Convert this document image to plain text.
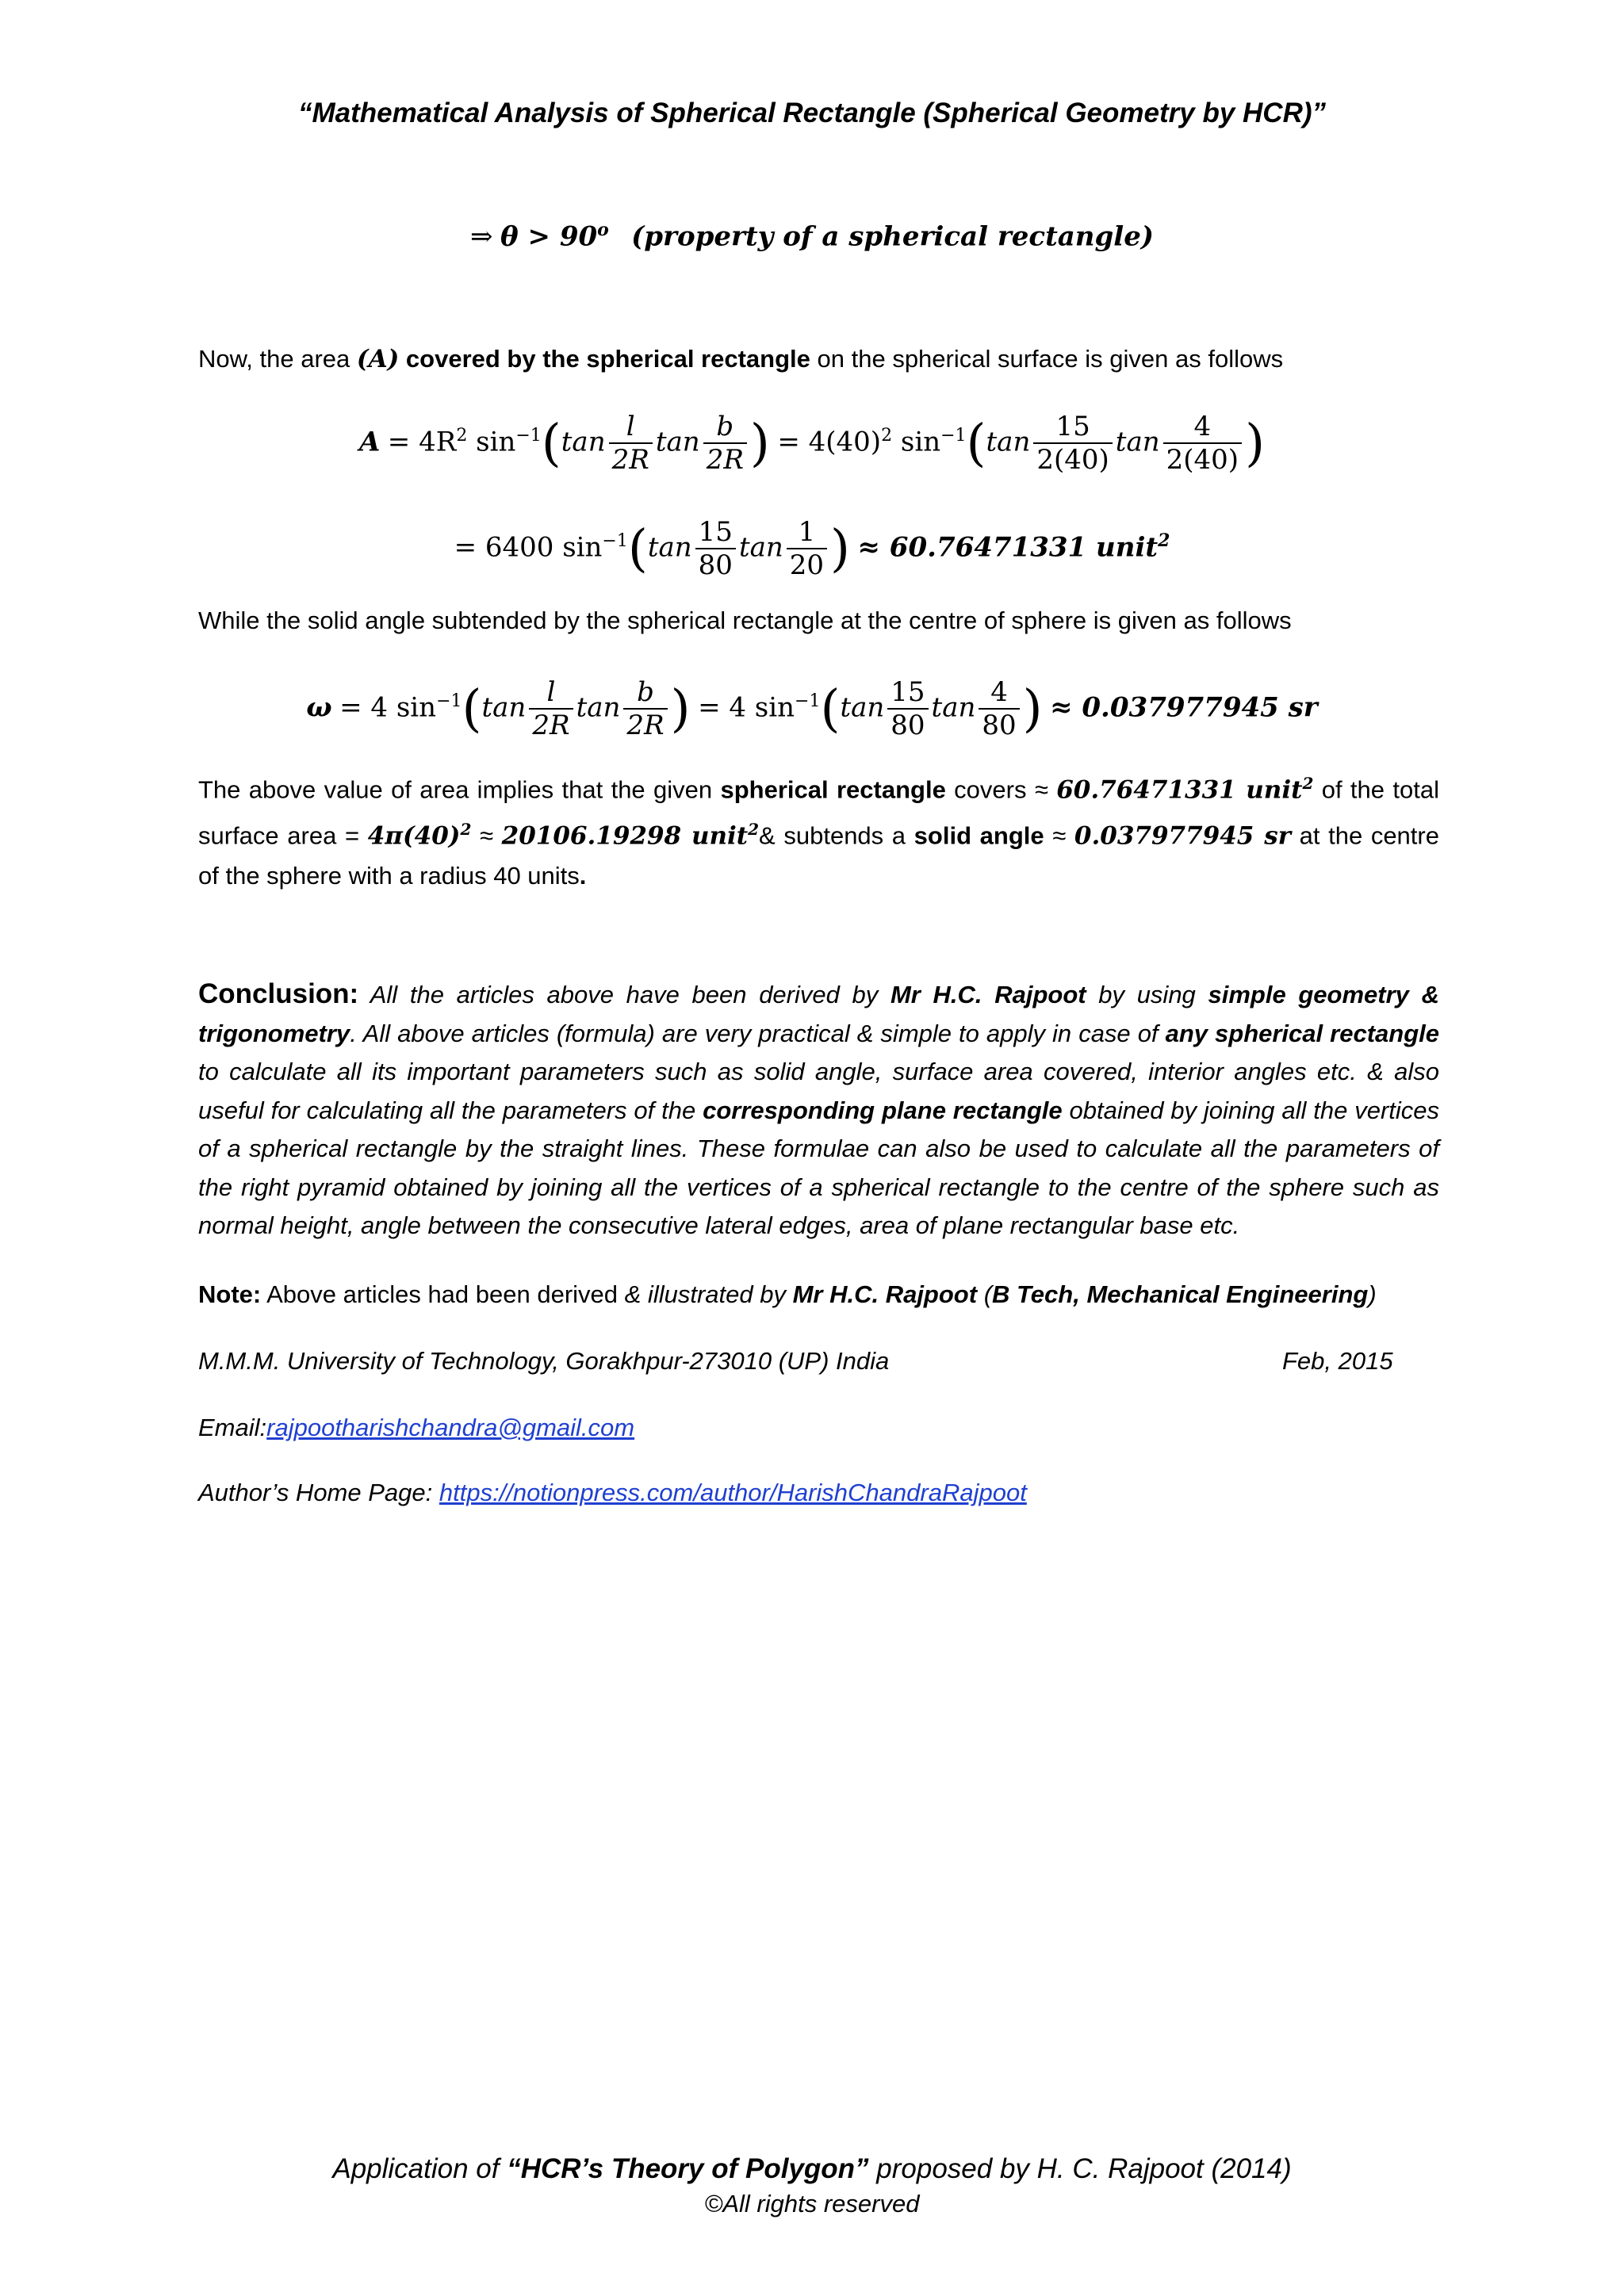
“Mathematical Analysis of Spherical Rectangle (Spherical Geometry by HCR)”
⇒ $\theta > 90^o$ (property of a spherical rectangle)
Now, the area (A) covered by the spherical rectangle on the spherical surface is given as follows
$A = 4R^2$ $\sin^{-1}(\tan \frac{l}{2R}$ $\tan \frac{b}{2R}$ ) = $4(40)^2$ $\sin^{-1}(\tan \frac{15}{2(40)}$ $\tan \frac{4}{2(40)}$ )
= 6400 $\sin^{-1}(\tan \frac{15}{80}$ $\tan \frac{1}{20}$ ) ≈ 60.76471331 unit$^2$
While the solid angle subtended by the spherical rectangle at the centre of sphere is given as follows
ω = 4 $\sin^{-1}(\tan \frac{l}{2R}$ $\tan \frac{b}{2R}$ ) = 4 $\sin^{-1}(\tan \frac{15}{80}$ $\tan \frac{4}{80}$ ) ≈ 0.037977945 sr
The above value of area implies that the given spherical rectangle covers ≈ 60.76471331 unit$^2$ of the total surface area = $4\pi(40)^2 \approx 20106.19298$ unit$^2$& subtends a solid angle ≈ 0.037977945 sr at the centre of the sphere with a radius 40 units.
Conclusion: All the articles above have been derived by Mr H.C. Rajpoot by using simple geometry & trigonometry. All above articles (formula) are very practical & simple to apply in case of any spherical rectangle to calculate all its important parameters such as solid angle, surface area covered, interior angles etc. & also useful for calculating all the parameters of the corresponding plane rectangle obtained by joining all the vertices of a spherical rectangle by the straight lines. These formulae can also be used to calculate all the parameters of the right pyramid obtained by joining all the vertices of a spherical rectangle to the centre of the sphere such as normal height, angle between the consecutive lateral edges, area of plane rectangular base etc.
Note: Above articles had been derived & illustrated by Mr H.C. Rajpoot (B Tech, Mechanical Engineering)
M.M.M. University of Technology, Gorakhpur-273010 (UP) India	Feb, 2015
Email:rajpootharishchandra@gmail.com
Author’s Home Page: https://notionpress.com/author/HarishChandraRajpoot
Application of “HCR’s Theory of Polygon” proposed by H. C. Rajpoot (2014)
©All rights reserved
